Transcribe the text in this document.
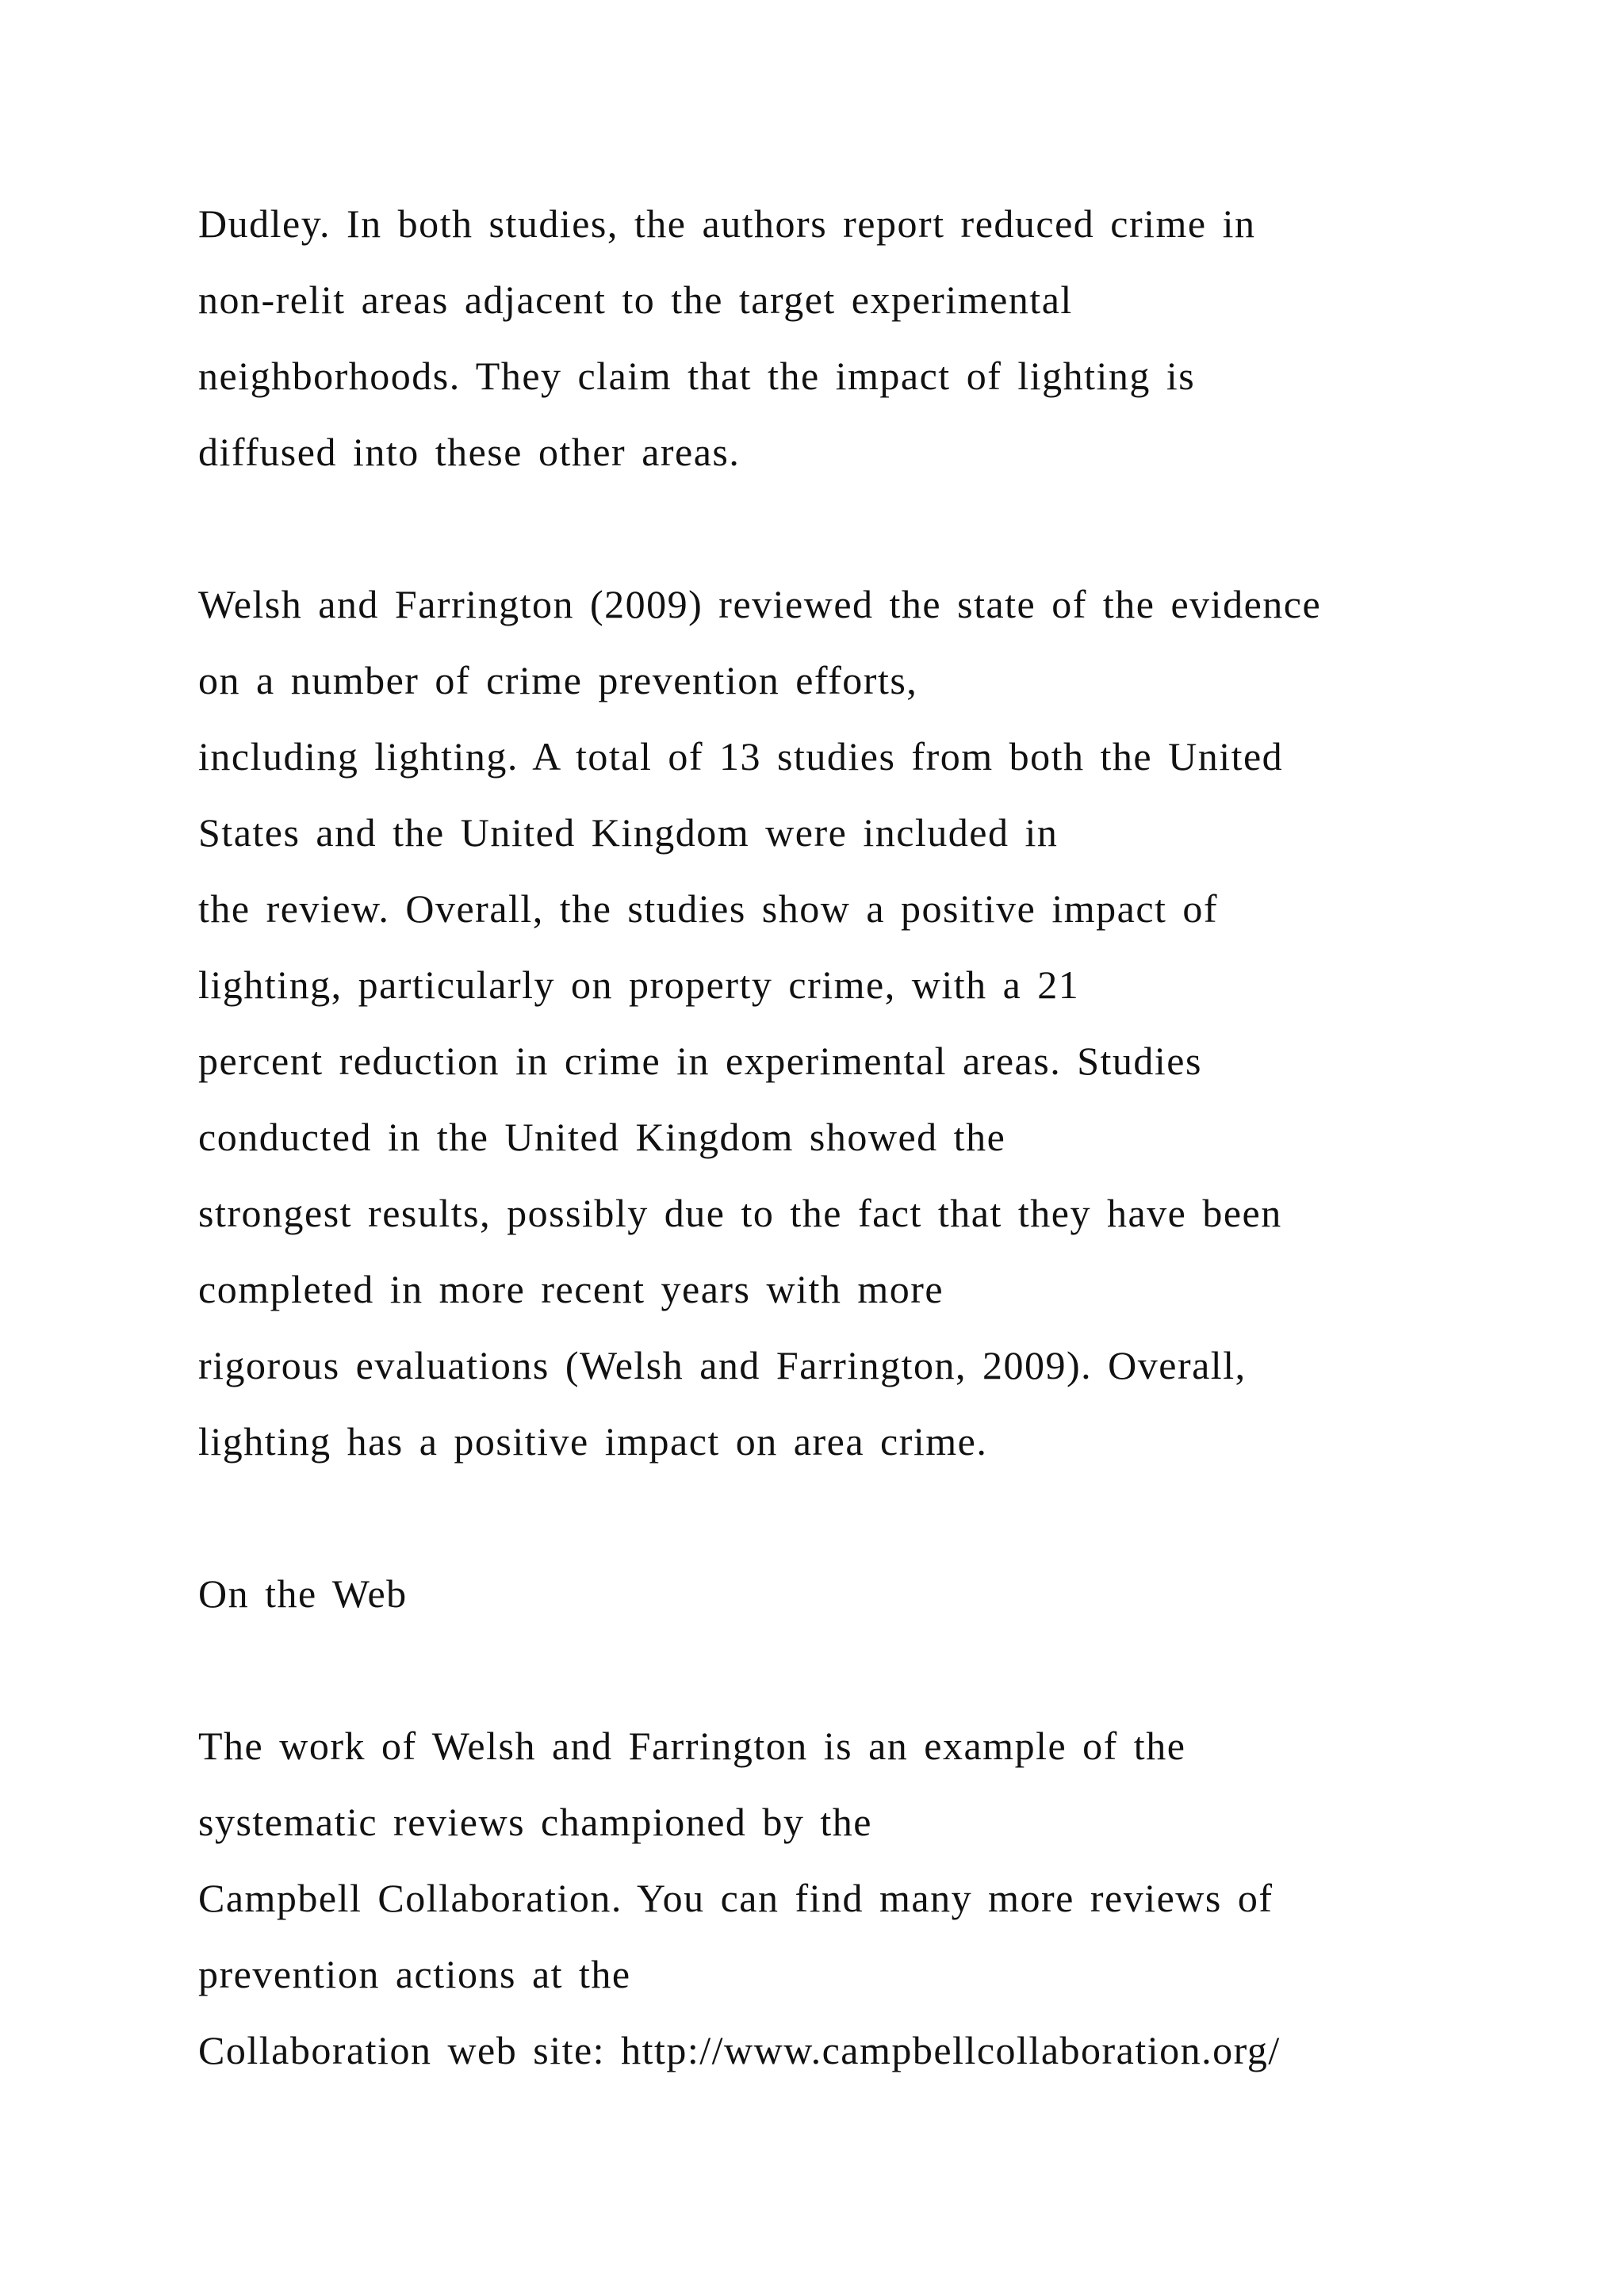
Dudley. In both studies, the authors report reduced crime in
non-relit areas adjacent to the target experimental
neighborhoods. They claim that the impact of lighting is
diffused into these other areas.
Welsh and Farrington (2009) reviewed the state of the evidence
on a number of crime prevention efforts,
including lighting. A total of 13 studies from both the United
States and the United Kingdom were included in
the review. Overall, the studies show a positive impact of
lighting, particularly on property crime, with a 21
percent reduction in crime in experimental areas. Studies
conducted in the United Kingdom showed the
strongest results, possibly due to the fact that they have been
completed in more recent years with more
rigorous evaluations (Welsh and Farrington, 2009). Overall,
lighting has a positive impact on area crime.
On the Web
The work of Welsh and Farrington is an example of the
systematic reviews championed by the
Campbell Collaboration. You can find many more reviews of
prevention actions at the
Collaboration web site: http://www.campbellcollaboration.org/
